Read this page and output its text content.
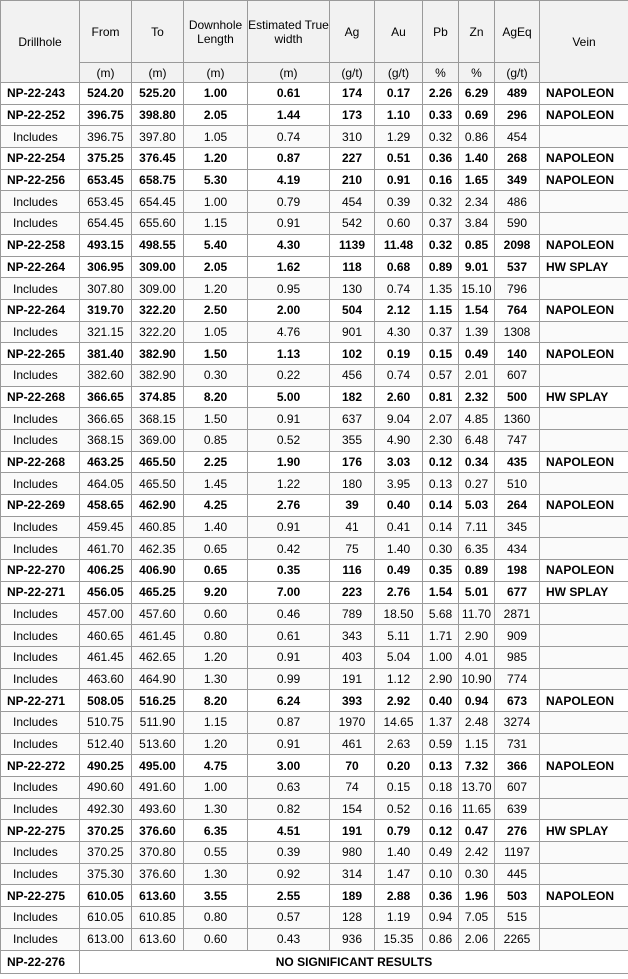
Drillhole	From	To	Downhole Length	Estimated True width	Ag	Au	Pb	Zn	AgEq	Vein
	(m)	(m)	(m)	(m)	(g/t)	(g/t)	%	%	(g/t)	
NP-22-243	524.20	525.20	1.00	0.61	174	0.17	2.26	6.29	489	NAPOLEON
NP-22-252	396.75	398.80	2.05	1.44	173	1.10	0.33	0.69	296	NAPOLEON
Includes	396.75	397.80	1.05	0.74	310	1.29	0.32	0.86	454	
NP-22-254	375.25	376.45	1.20	0.87	227	0.51	0.36	1.40	268	NAPOLEON
NP-22-256	653.45	658.75	5.30	4.19	210	0.91	0.16	1.65	349	NAPOLEON
Includes	653.45	654.45	1.00	0.79	454	0.39	0.32	2.34	486	
Includes	654.45	655.60	1.15	0.91	542	0.60	0.37	3.84	590	
NP-22-258	493.15	498.55	5.40	4.30	1139	11.48	0.32	0.85	2098	NAPOLEON
NP-22-264	306.95	309.00	2.05	1.62	118	0.68	0.89	9.01	537	HW SPLAY
Includes	307.80	309.00	1.20	0.95	130	0.74	1.35	15.10	796	
NP-22-264	319.70	322.20	2.50	2.00	504	2.12	1.15	1.54	764	NAPOLEON
Includes	321.15	322.20	1.05	4.76	901	4.30	0.37	1.39	1308	
NP-22-265	381.40	382.90	1.50	1.13	102	0.19	0.15	0.49	140	NAPOLEON
Includes	382.60	382.90	0.30	0.22	456	0.74	0.57	2.01	607	
NP-22-268	366.65	374.85	8.20	5.00	182	2.60	0.81	2.32	500	HW SPLAY
Includes	366.65	368.15	1.50	0.91	637	9.04	2.07	4.85	1360	
Includes	368.15	369.00	0.85	0.52	355	4.90	2.30	6.48	747	
NP-22-268	463.25	465.50	2.25	1.90	176	3.03	0.12	0.34	435	NAPOLEON
Includes	464.05	465.50	1.45	1.22	180	3.95	0.13	0.27	510	
NP-22-269	458.65	462.90	4.25	2.76	39	0.40	0.14	5.03	264	NAPOLEON
Includes	459.45	460.85	1.40	0.91	41	0.41	0.14	7.11	345	
Includes	461.70	462.35	0.65	0.42	75	1.40	0.30	6.35	434	
NP-22-270	406.25	406.90	0.65	0.35	116	0.49	0.35	0.89	198	NAPOLEON
NP-22-271	456.05	465.25	9.20	7.00	223	2.76	1.54	5.01	677	HW SPLAY
Includes	457.00	457.60	0.60	0.46	789	18.50	5.68	11.70	2871	
Includes	460.65	461.45	0.80	0.61	343	5.11	1.71	2.90	909	
Includes	461.45	462.65	1.20	0.91	403	5.04	1.00	4.01	985	
Includes	463.60	464.90	1.30	0.99	191	1.12	2.90	10.90	774	
NP-22-271	508.05	516.25	8.20	6.24	393	2.92	0.40	0.94	673	NAPOLEON
Includes	510.75	511.90	1.15	0.87	1970	14.65	1.37	2.48	3274	
Includes	512.40	513.60	1.20	0.91	461	2.63	0.59	1.15	731	
NP-22-272	490.25	495.00	4.75	3.00	70	0.20	0.13	7.32	366	NAPOLEON
Includes	490.60	491.60	1.00	0.63	74	0.15	0.18	13.70	607	
Includes	492.30	493.60	1.30	0.82	154	0.52	0.16	11.65	639	
NP-22-275	370.25	376.60	6.35	4.51	191	0.79	0.12	0.47	276	HW SPLAY
Includes	370.25	370.80	0.55	0.39	980	1.40	0.49	2.42	1197	
Includes	375.30	376.60	1.30	0.92	314	1.47	0.10	0.30	445	
NP-22-275	610.05	613.60	3.55	2.55	189	2.88	0.36	1.96	503	NAPOLEON
Includes	610.05	610.85	0.80	0.57	128	1.19	0.94	7.05	515	
Includes	613.00	613.60	0.60	0.43	936	15.35	0.86	2.06	2265	
NP-22-276	NO SIGNIFICANT RESULTS									
